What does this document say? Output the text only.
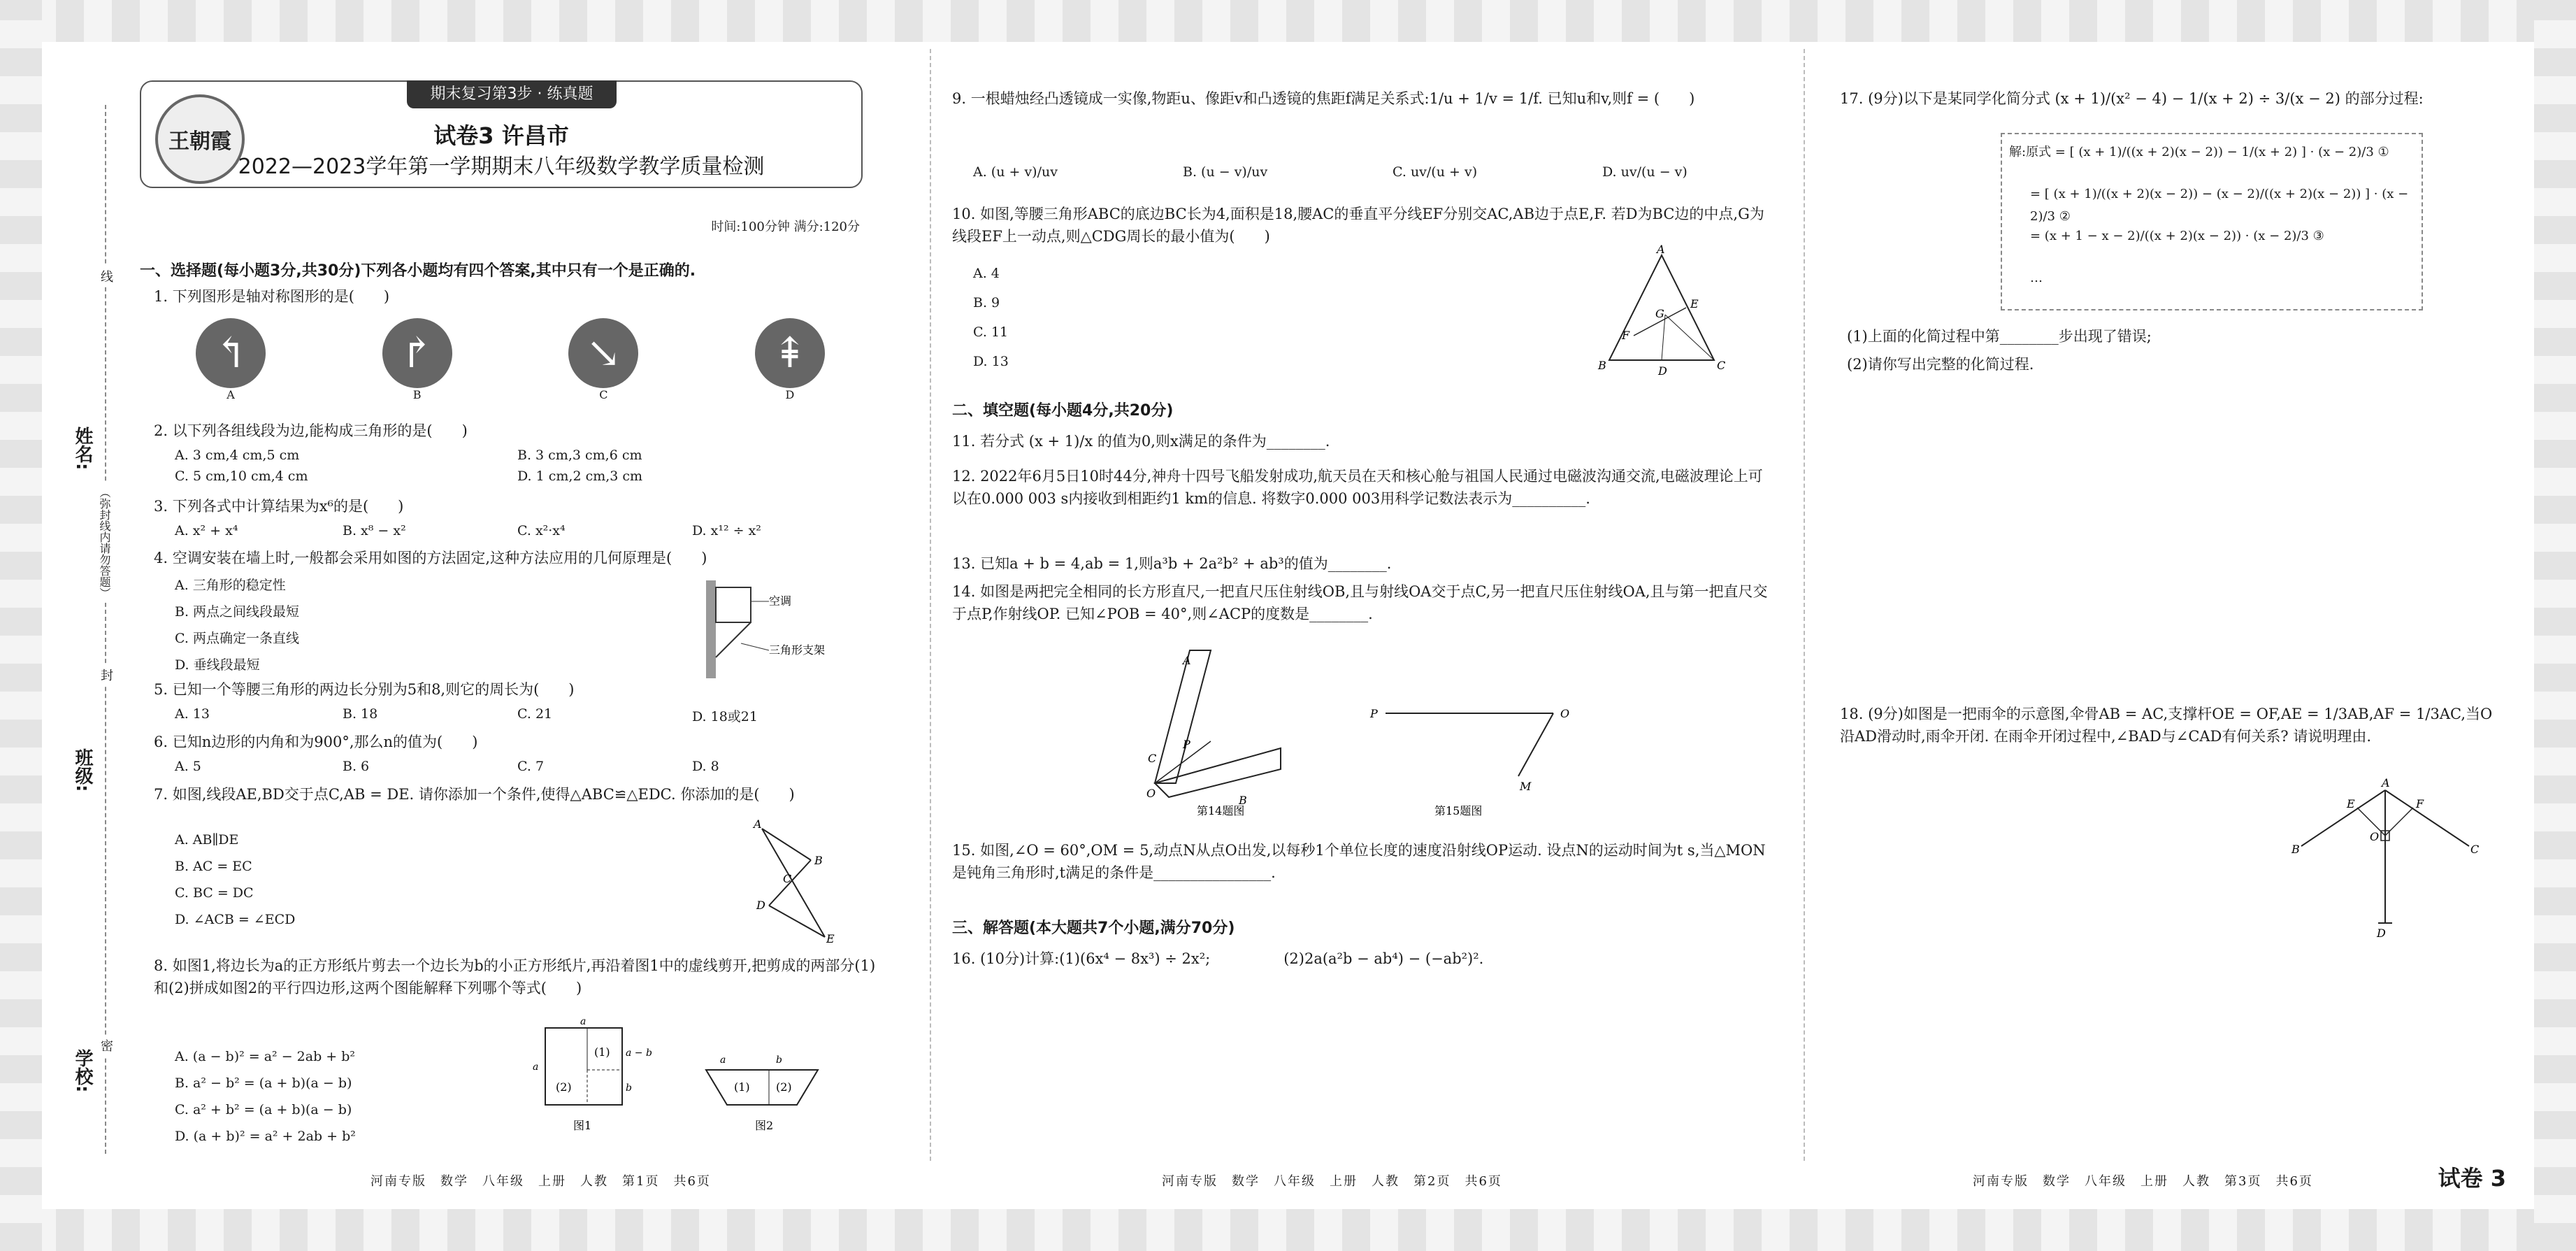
姓名:
班级:
学校:
线
（弥封线内请勿答题）
封
密
期末复习第3步 · 练真题
王朝霞	试卷3 许昌市
2022—2023学年第一学期期末八年级数学教学质量检测
时间:100分钟 满分:120分
一、选择题(每小题3分,共30分)下列各小题均有四个答案,其中只有一个是正确的.
1. 下列图形是轴对称图形的是(　　)
↰
A
↱
B
↘
C
⇞
D
2. 以下列各组线段为边,能构成三角形的是(　　)
A. 3 cm,4 cm,5 cm	B. 3 cm,3 cm,6 cm
C. 5 cm,10 cm,4 cm	D. 1 cm,2 cm,3 cm
3. 下列各式中计算结果为x⁶的是(　　)
A. x² + x⁴	B. x⁸ − x²	C. x²·x⁴	D. x¹² ÷ x²
4. 空调安装在墙上时,一般都会采用如图的方法固定,这种方法应用的几何原理是(　　)
A. 三角形的稳定性
B. 两点之间线段最短
C. 两点确定一条直线
D. 垂线段最短
空调
三角形支架
5. 已知一个等腰三角形的两边长分别为5和8,则它的周长为(　　)
A. 13	B. 18	C. 21	D. 18或21
6. 已知n边形的内角和为900°,那么n的值为(　　)
A. 5	B. 6	C. 7	D. 8
7. 如图,线段AE,BD交于点C,AB = DE. 请你添加一个条件,使得△ABC≌△EDC. 你添加的是(　　)
A. AB∥DE
B. AC = EC
C. BC = DC
D. ∠ACB = ∠ECD
A
B
C
D
E
8. 如图1,将边长为a的正方形纸片剪去一个边长为b的小正方形纸片,再沿着图1中的虚线剪开,把剪成的两部分(1)和(2)拼成如图2的平行四边形,这两个图能解释下列哪个等式(　　)
A. (a − b)² = a² − 2ab + b²
B. a² − b² = (a + b)(a − b)
C. a² + b² = (a + b)(a − b)
D. (a + b)² = a² + 2ab + b²
(1)
(2)
a
a
a − b
b
图1
(1) (2)
a	b
图2
河南专版　数学　八年级　上册　人教　第1页　共6页
9. 一根蜡烛经凸透镜成一实像,物距u、像距v和凸透镜的焦距f满足关系式:1/u + 1/v = 1/f. 已知u和v,则f = (　　)
A. (u + v)/uv	B. (u − v)/uv	C. uv/(u + v)	D. uv/(u − v)
10. 如图,等腰三角形ABC的底边BC长为4,面积是18,腰AC的垂直平分线EF分别交AC,AB边于点E,F. 若D为BC边的中点,G为线段EF上一动点,则△CDG周长的最小值为(　　)
A. 4
B. 9
C. 11
D. 13
A
B	C
D
E
F
G
二、填空题(每小题4分,共20分)
11. 若分式 (x + 1)/x 的值为0,则x满足的条件为________.
12. 2022年6月5日10时44分,神舟十四号飞船发射成功,航天员在天和核心舱与祖国人民通过电磁波沟通交流,电磁波理论上可以在0.000 003 s内接收到相距约1 km的信息. 将数字0.000 003用科学记数法表示为__________.
13. 已知a + b = 4,ab = 1,则a³b + 2a²b² + ab³的值为________.
14. 如图是两把完全相同的长方形直尺,一把直尺压住射线OB,且与射线OA交于点C,另一把直尺压住射线OA,且与第一把直尺交于点P,作射线OP. 已知∠POB = 40°,则∠ACP的度数是________.
O
A
B
C
P
第14题图
P	O
M
第15题图
15. 如图,∠O = 60°,OM = 5,动点N从点O出发,以每秒1个单位长度的速度沿射线OP运动. 设点N的运动时间为t s,当△MON是钝角三角形时,t满足的条件是________________.
三、解答题(本大题共7个小题,满分70分)
16. (10分)计算:(1)(6x⁴ − 8x³) ÷ 2x²;　　　　　(2)2a(a²b − ab⁴) − (−ab²)².
河南专版　数学　八年级　上册　人教　第2页　共6页
17. (9分)以下是某同学化简分式 (x + 1)/(x² − 4) − 1/(x + 2) ÷ 3/(x − 2) 的部分过程:
解:原式 = [ (x + 1)/((x + 2)(x − 2)) − 1/(x + 2) ] · (x − 2)/3 ①
= [ (x + 1)/((x + 2)(x − 2)) − (x − 2)/((x + 2)(x − 2)) ] · (x − 2)/3 ②
= (x + 1 − x − 2)/((x + 2)(x − 2)) · (x − 2)/3 ③
…
(1)上面的化简过程中第________步出现了错误;
(2)请你写出完整的化简过程.
18. (9分)如图是一把雨伞的示意图,伞骨AB = AC,支撑杆OE = OF,AE = 1/3AB,AF = 1/3AC,当O沿AD滑动时,雨伞开闭. 在雨伞开闭过程中,∠BAD与∠CAD有何关系? 请说明理由.
A
B	C
E	F
O
D
河南专版　数学　八年级　上册　人教　第3页　共6页	试卷 3
